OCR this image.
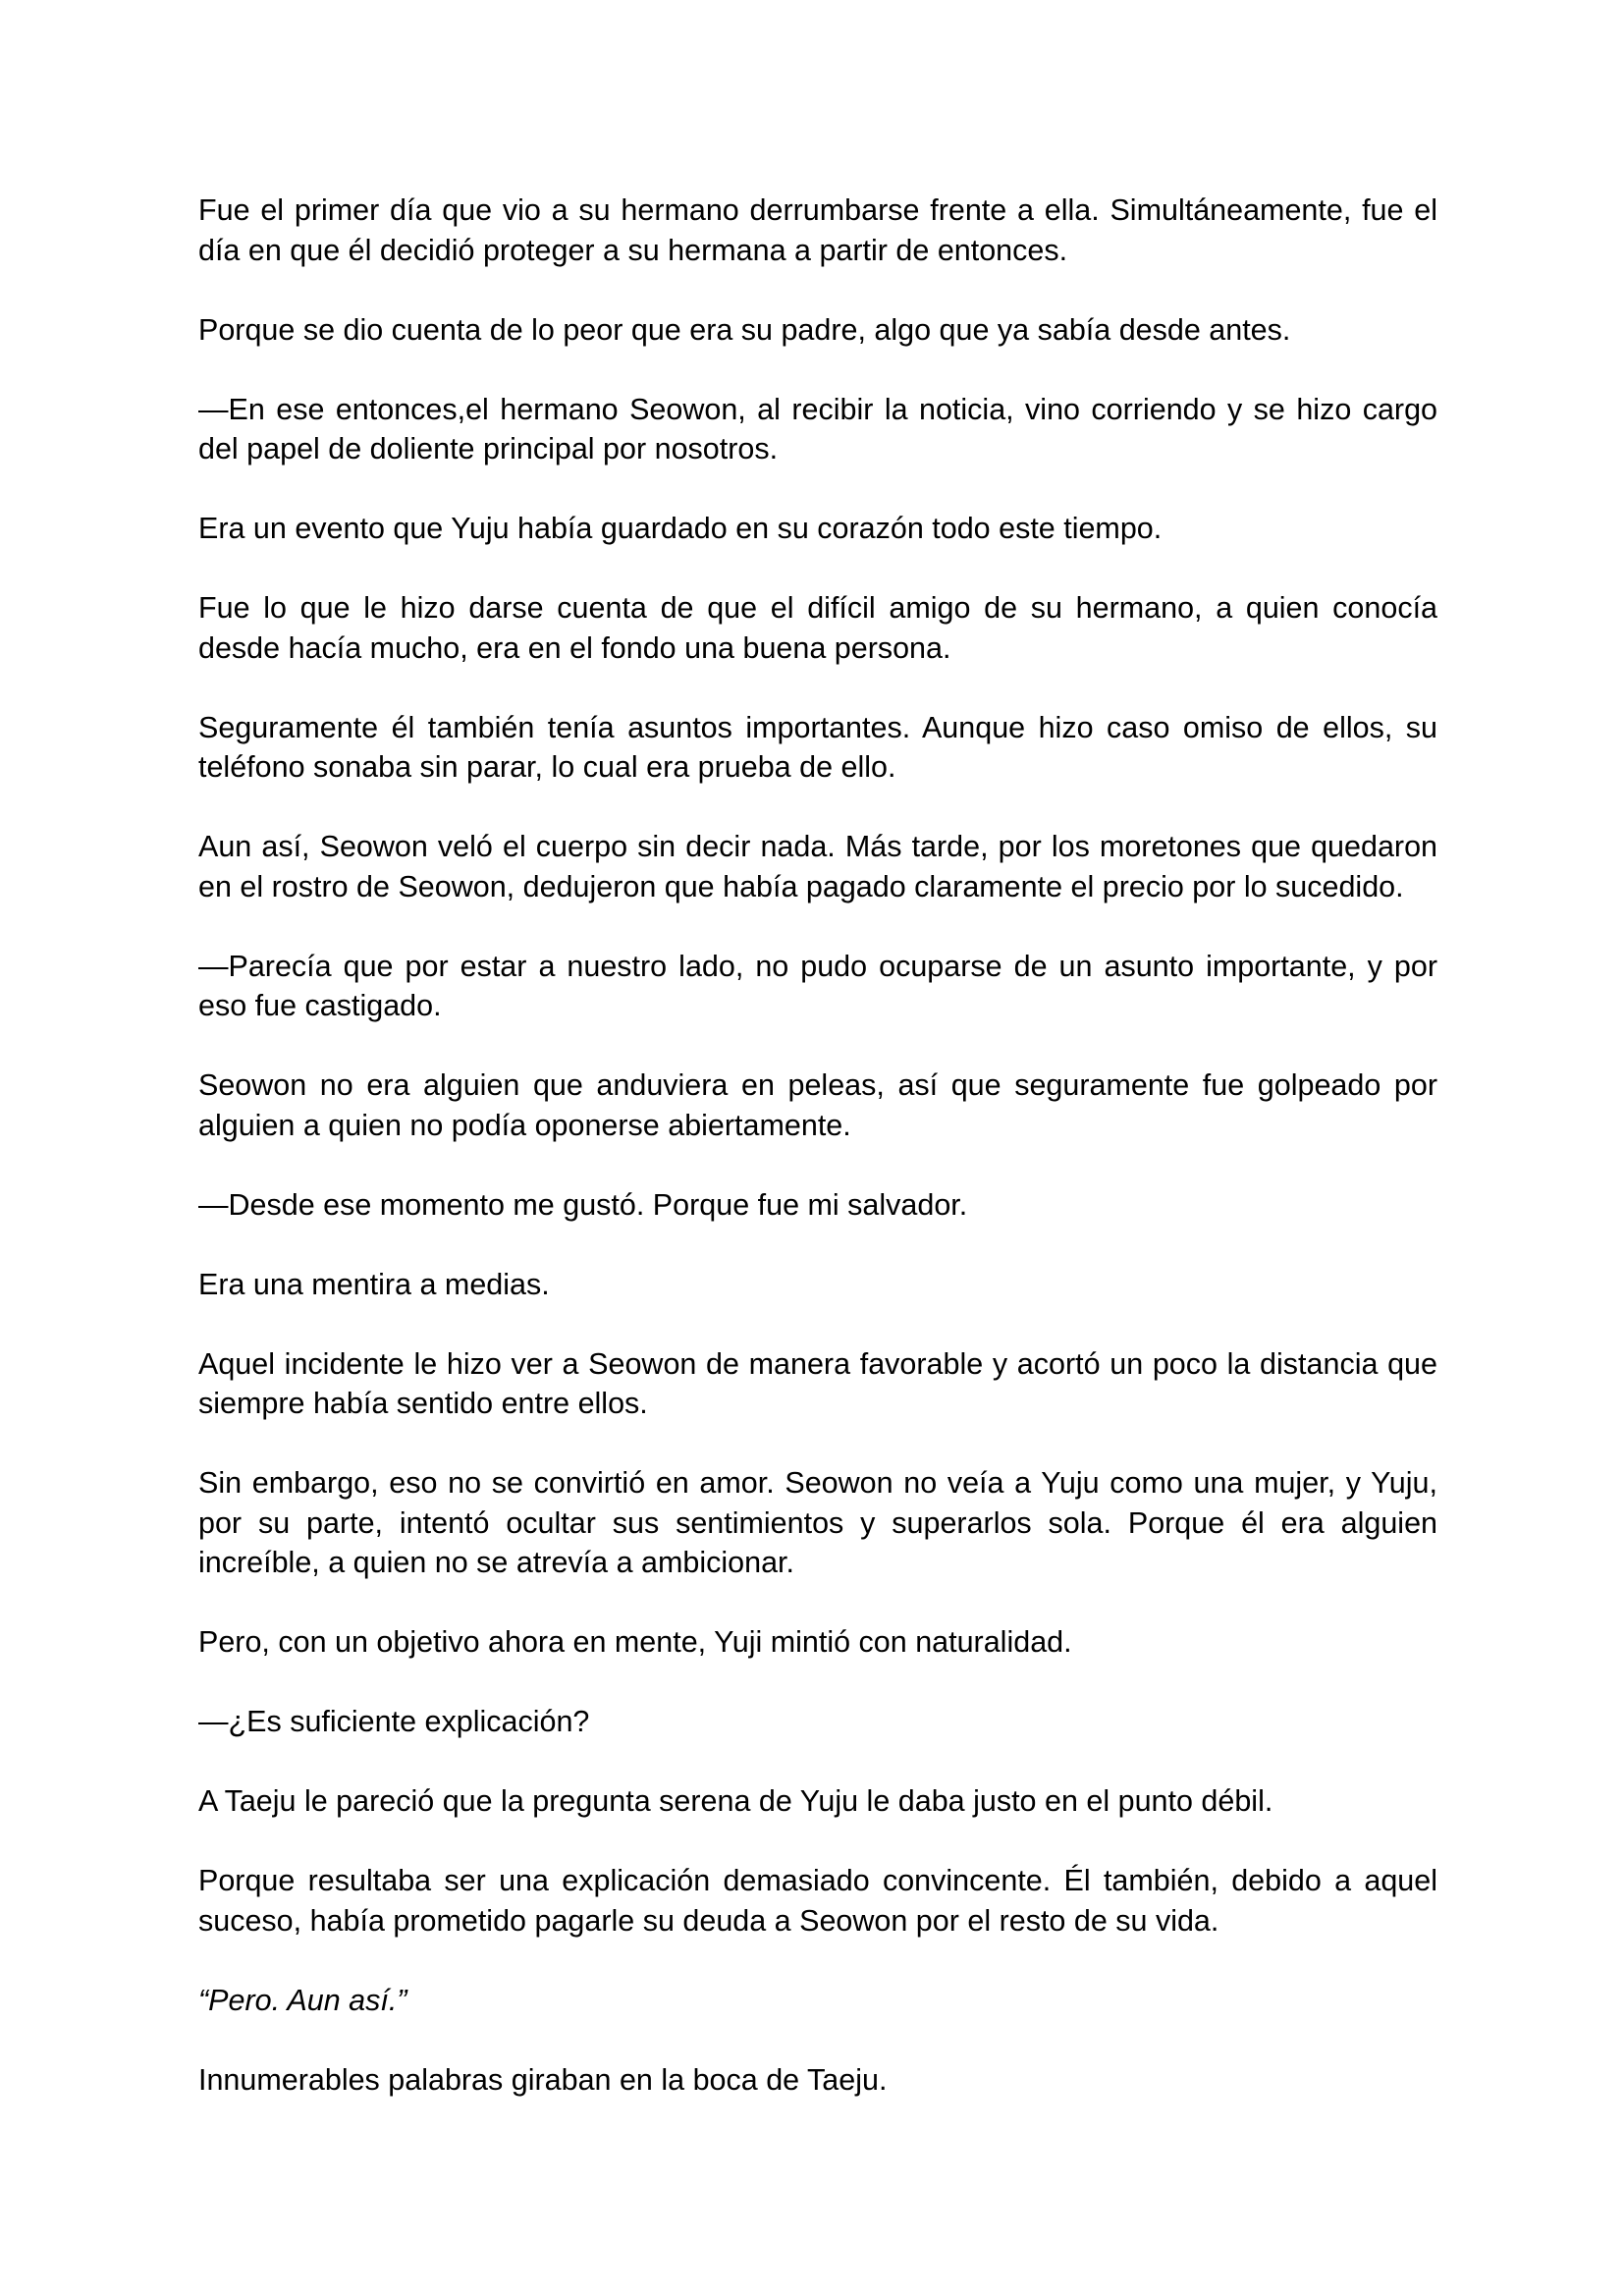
Fue el primer día que vio a su hermano derrumbarse frente a ella. Simultáneamente, fue el día en que él decidió proteger a su hermana a partir de entonces.

Porque se dio cuenta de lo peor que era su padre, algo que ya sabía desde antes.

—En ese entonces,el hermano Seowon, al recibir la noticia, vino corriendo y se hizo cargo del papel de doliente principal por nosotros.

Era un evento que Yuju había guardado en su corazón todo este tiempo.

Fue lo que le hizo darse cuenta de que el difícil amigo de su hermano, a quien conocía desde hacía mucho, era en el fondo una buena persona.

Seguramente él también tenía asuntos importantes. Aunque hizo caso omiso de ellos, su teléfono sonaba sin parar, lo cual era prueba de ello.

Aun así, Seowon veló el cuerpo sin decir nada. Más tarde, por los moretones que quedaron en el rostro de Seowon, dedujeron que había pagado claramente el precio por lo sucedido.

—Parecía que por estar a nuestro lado, no pudo ocuparse de un asunto importante, y por eso fue castigado.

Seowon no era alguien que anduviera en peleas, así que seguramente fue golpeado por alguien a quien no podía oponerse abiertamente.

—Desde ese momento me gustó. Porque fue mi salvador.

Era una mentira a medias.

Aquel incidente le hizo ver a Seowon de manera favorable y acortó un poco la distancia que siempre había sentido entre ellos.

Sin embargo, eso no se convirtió en amor. Seowon no veía a Yuju como una mujer, y Yuju, por su parte, intentó ocultar sus sentimientos y superarlos sola. Porque él era alguien increíble, a quien no se atrevía a ambicionar.

Pero, con un objetivo ahora en mente, Yuji mintió con naturalidad.

—¿Es suficiente explicación?

A Taeju le pareció que la pregunta serena de Yuju le daba justo en el punto débil.

Porque resultaba ser una explicación demasiado convincente. Él también, debido a aquel suceso, había prometido pagarle su deuda a Seowon por el resto de su vida.

“Pero. Aun así.”

Innumerables palabras giraban en la boca de Taeju.
